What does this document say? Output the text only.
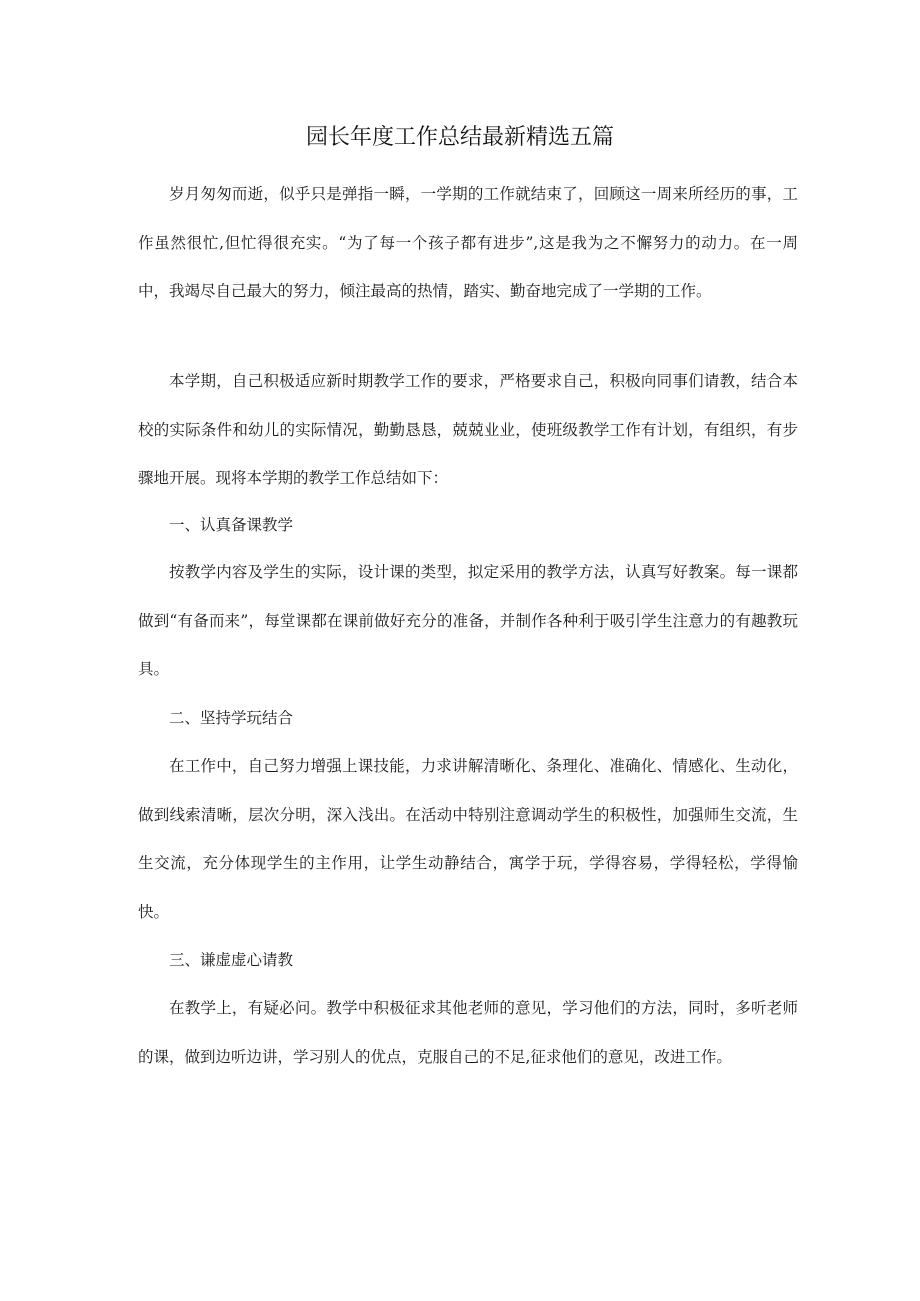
园长年度工作总结最新精选五篇
岁月匆匆而逝，似乎只是弹指一瞬，一学期的工作就结束了，回顾这一周来所经历的事，工作虽然很忙,但忙得很充实。“为了每一个孩子都有进步”,这是我为之不懈努力的动力。在一周中，我竭尽自己最大的努力，倾注最高的热情，踏实、勤奋地完成了一学期的工作。
本学期，自己积极适应新时期教学工作的要求，严格要求自己，积极向同事们请教，结合本校的实际条件和幼儿的实际情况，勤勤恳恳，兢兢业业，使班级教学工作有计划，有组织，有步骤地开展。现将本学期的教学工作总结如下：
一、认真备课教学
按教学内容及学生的实际，设计课的类型，拟定采用的教学方法，认真写好教案。每一课都做到“有备而来”，每堂课都在课前做好充分的准备，并制作各种利于吸引学生注意力的有趣教玩具。
二、坚持学玩结合
在工作中，自己努力增强上课技能，力求讲解清晰化、条理化、准确化、情感化、生动化，做到线索清晰，层次分明，深入浅出。在活动中特别注意调动学生的积极性，加强师生交流，生生交流，充分体现学生的主作用，让学生动静结合，寓学于玩，学得容易，学得轻松，学得愉快。
三、谦虚虚心请教
在教学上，有疑必问。教学中积极征求其他老师的意见，学习他们的方法，同时，多听老师的课，做到边听边讲，学习别人的优点，克服自己的不足,征求他们的意见，改进工作。
